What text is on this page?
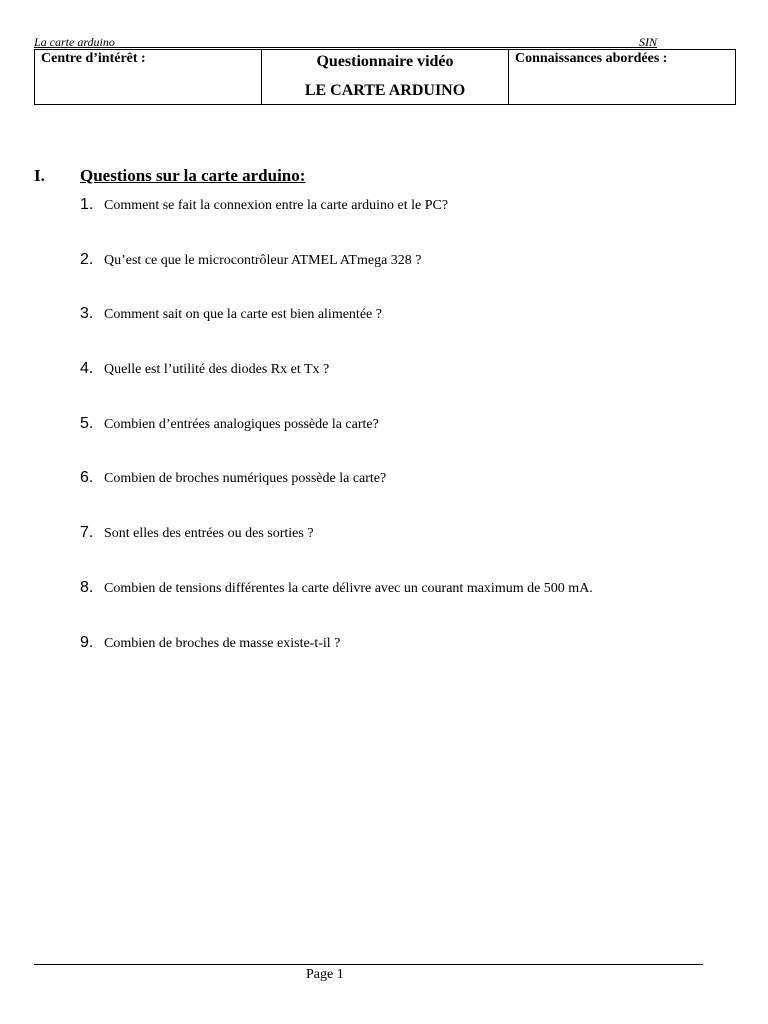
La carte arduino	SIN
Centre d’intérêt :	Questionnaire vidéo
LE CARTE ARDUINO
Connaissances abordées :
I. Questions sur la carte arduino:
1. Comment se fait la connexion entre la carte arduino et le PC?
2. Qu’est ce que le microcontrôleur ATMEL ATmega 328 ?
3. Comment sait on que la carte est bien alimentée ?
4. Quelle est l’utilité des diodes Rx et Tx ?
5. Combien d’entrées analogiques possède la carte?
6. Combien de broches numériques possède la carte?
7. Sont elles des entrées ou des sorties ?
8. Combien de tensions différentes la carte délivre avec un courant maximum de 500 mA.
9. Combien de broches de masse existe-t-il ?
Page 1
